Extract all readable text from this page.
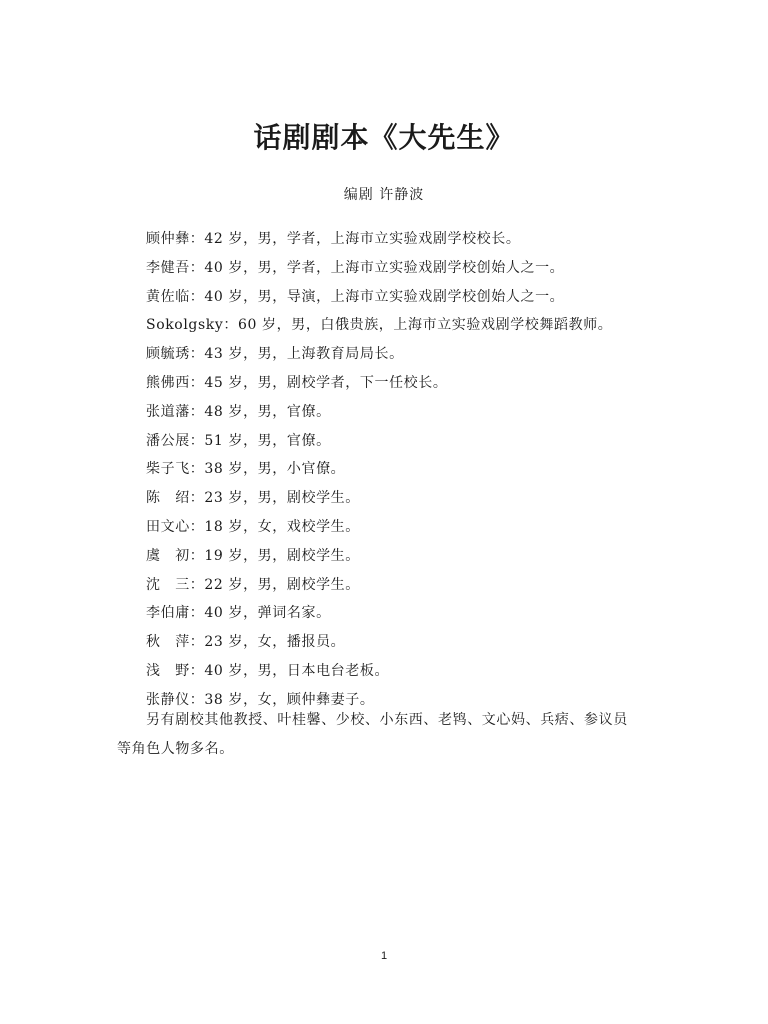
话剧剧本《大先生》
编剧 许静波
顾仲彝：42 岁，男，学者，上海市立实验戏剧学校校长。
李健吾：40 岁，男，学者，上海市立实验戏剧学校创始人之一。
黄佐临：40 岁，男，导演，上海市立实验戏剧学校创始人之一。
Sokolgsky：60 岁，男，白俄贵族，上海市立实验戏剧学校舞蹈教师。
顾毓琇：43 岁，男，上海教育局局长。
熊佛西：45 岁，男，剧校学者，下一任校长。
张道藩：48 岁，男，官僚。
潘公展：51 岁，男，官僚。
柴子飞：38 岁，男，小官僚。
陈　绍：23 岁，男，剧校学生。
田文心：18 岁，女，戏校学生。
虞　初：19 岁，男，剧校学生。
沈　三：22 岁，男，剧校学生。
李伯庸：40 岁，弹词名家。
秋　萍：23 岁，女，播报员。
浅　野：40 岁，男，日本电台老板。
张静仪：38 岁，女，顾仲彝妻子。
另有剧校其他教授、叶桂馨、少校、小东西、老鸨、文心妈、兵痞、参议员
等角色人物多名。
1
